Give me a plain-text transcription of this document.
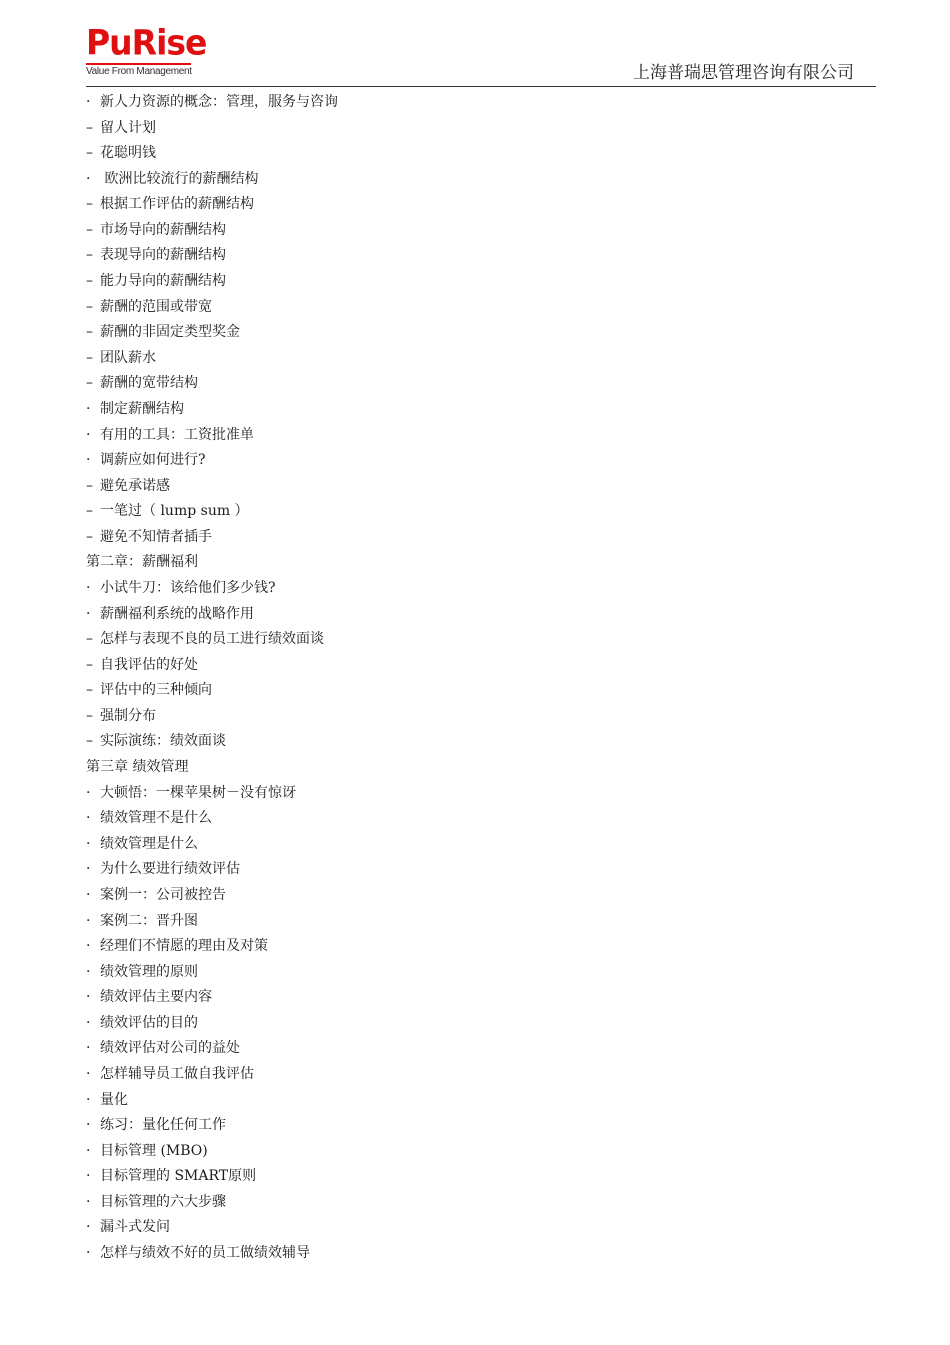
PuRise
Value From Management	上海普瑞思管理咨询有限公司
· 新人力资源的概念：管理，服务与咨询
– 留人计划
– 花聪明钱
· 欧洲比较流行的薪酬结构
– 根据工作评估的薪酬结构
– 市场导向的薪酬结构
– 表现导向的薪酬结构
– 能力导向的薪酬结构
– 薪酬的范围或带宽
– 薪酬的非固定类型奖金
– 团队薪水
– 薪酬的宽带结构
· 制定薪酬结构
· 有用的工具：工资批准单
· 调薪应如何进行?
– 避免承诺感
– 一笔过（ lump sum ）
– 避免不知情者插手
第二章：薪酬福利
· 小试牛刀：该给他们多少钱?
· 薪酬福利系统的战略作用
– 怎样与表现不良的员工进行绩效面谈
– 自我评估的好处
– 评估中的三种倾向
– 强制分布
– 实际演练：绩效面谈
第三章 绩效管理
· 大顿悟：一棵苹果树－没有惊讶
· 绩效管理不是什么
· 绩效管理是什么
· 为什么要进行绩效评估
· 案例一：公司被控告
· 案例二：晋升图
· 经理们不情愿的理由及对策
· 绩效管理的原则
· 绩效评估主要内容
· 绩效评估的目的
· 绩效评估对公司的益处
· 怎样辅导员工做自我评估
· 量化
· 练习：量化任何工作
· 目标管理 (MBO)
· 目标管理的 SMART原则
· 目标管理的六大步骤
· 漏斗式发问
· 怎样与绩效不好的员工做绩效辅导
